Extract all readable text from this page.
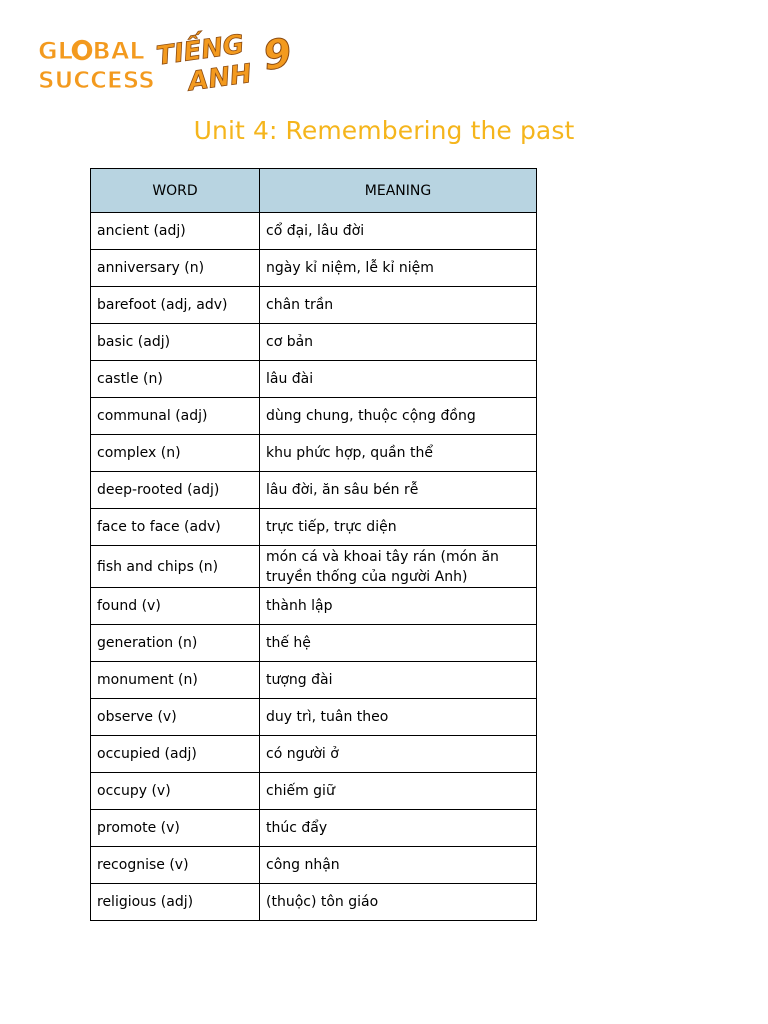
GLOBAL
SUCCESS
TIẾNG
ANH 9
Unit 4: Remembering the past
WORD	MEANING
ancient (adj)	cổ đại, lâu đời
anniversary (n)	ngày kỉ niệm, lễ kỉ niệm
barefoot (adj, adv)	chân trần
basic (adj)	cơ bản
castle (n)	lâu đài
communal (adj)	dùng chung, thuộc cộng đồng
complex (n)	khu phức hợp, quần thể
deep-rooted (adj)	lâu đời, ăn sâu bén rễ
face to face (adv)	trực tiếp, trực diện
fish and chips (n)	món cá và khoai tây rán (món ăn truyền thống của người Anh)
found (v)	thành lập
generation (n)	thế hệ
monument (n)	tượng đài
observe (v)	duy trì, tuân theo
occupied (adj)	có người ở
occupy (v)	chiếm giữ
promote (v)	thúc đẩy
recognise (v)	công nhận
religious (adj)	(thuộc) tôn giáo
